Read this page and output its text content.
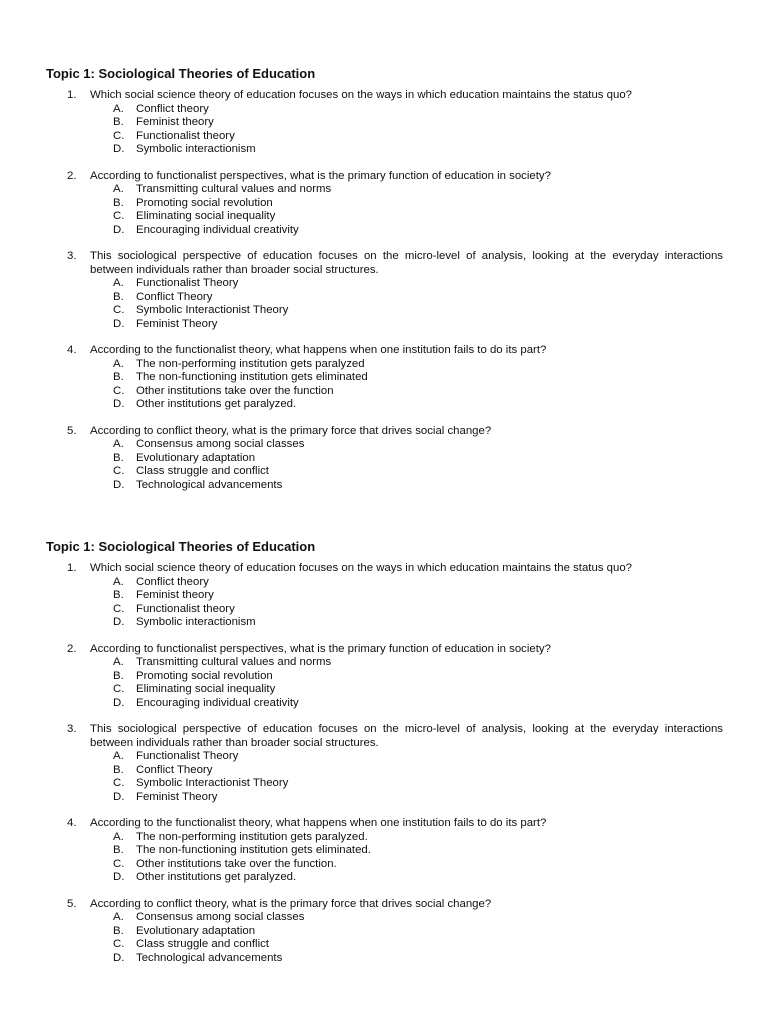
Topic 1: Sociological Theories of Education
1. Which social science theory of education focuses on the ways in which education maintains the status quo?
A. Conflict theory
B. Feminist theory
C. Functionalist theory
D. Symbolic interactionism
2. According to functionalist perspectives, what is the primary function of education in society?
A. Transmitting cultural values and norms
B. Promoting social revolution
C. Eliminating social inequality
D. Encouraging individual creativity
3. This sociological perspective of education focuses on the micro-level of analysis, looking at the everyday interactions between individuals rather than broader social structures.
A. Functionalist Theory
B. Conflict Theory
C. Symbolic Interactionist Theory
D. Feminist Theory
4. According to the functionalist theory, what happens when one institution fails to do its part?
A. The non-performing institution gets paralyzed
B. The non-functioning institution gets eliminated
C. Other institutions take over the function
D. Other institutions get paralyzed.
5. According to conflict theory, what is the primary force that drives social change?
A. Consensus among social classes
B. Evolutionary adaptation
C. Class struggle and conflict
D. Technological advancements
Topic 1: Sociological Theories of Education
1. Which social science theory of education focuses on the ways in which education maintains the status quo?
A. Conflict theory
B. Feminist theory
C. Functionalist theory
D. Symbolic interactionism
2. According to functionalist perspectives, what is the primary function of education in society?
A. Transmitting cultural values and norms
B. Promoting social revolution
C. Eliminating social inequality
D. Encouraging individual creativity
3. This sociological perspective of education focuses on the micro-level of analysis, looking at the everyday interactions between individuals rather than broader social structures.
A. Functionalist Theory
B. Conflict Theory
C. Symbolic Interactionist Theory
D. Feminist Theory
4. According to the functionalist theory, what happens when one institution fails to do its part?
A. The non-performing institution gets paralyzed.
B. The non-functioning institution gets eliminated.
C. Other institutions take over the function.
D. Other institutions get paralyzed.
5. According to conflict theory, what is the primary force that drives social change?
A. Consensus among social classes
B. Evolutionary adaptation
C. Class struggle and conflict
D. Technological advancements
